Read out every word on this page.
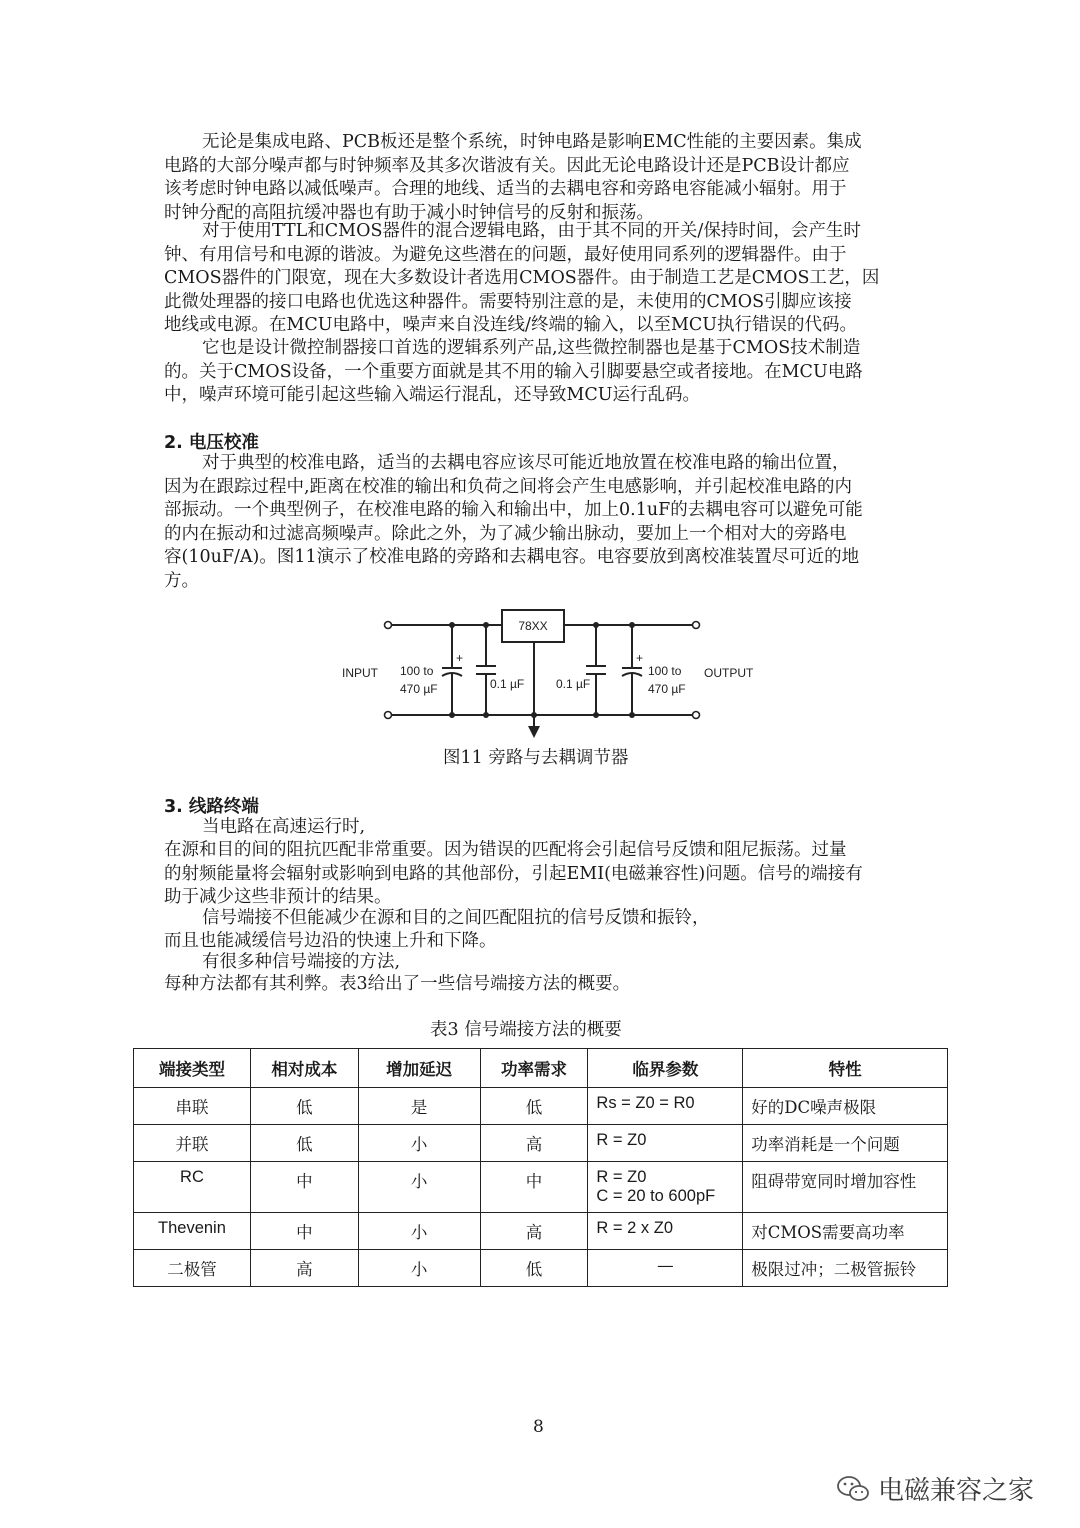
无论是集成电路、PCB板还是整个系统，时钟电路是影响EMC性能的主要因素。集成
电路的大部分噪声都与时钟频率及其多次谐波有关。因此无论电路设计还是PCB设计都应
该考虑时钟电路以减低噪声。合理的地线、适当的去耦电容和旁路电容能减小辐射。用于
时钟分配的高阻抗缓冲器也有助于减小时钟信号的反射和振荡。

对于使用TTL和CMOS器件的混合逻辑电路，由于其不同的开关/保持时间，会产生时
钟、有用信号和电源的谐波。为避免这些潜在的问题，最好使用同系列的逻辑器件。由于
CMOS器件的门限宽，现在大多数设计者选用CMOS器件。由于制造工艺是CMOS工艺，因
此微处理器的接口电路也优选这种器件。需要特别注意的是，未使用的CMOS引脚应该接
地线或电源。在MCU电路中，噪声来自没连线/终端的输入，以至MCU执行错误的代码。

它也是设计微控制器接口首选的逻辑系列产品,这些微控制器也是基于CMOS技术制造
的。关于CMOS设备，一个重要方面就是其不用的输入引脚要悬空或者接地。在MCU电路
中，噪声环境可能引起这些输入端运行混乱，还导致MCU运行乱码。

2. 电压校准

对于典型的校准电路，适当的去耦电容应该尽可能近地放置在校准电路的输出位置，
因为在跟踪过程中,距离在校准的输出和负荷之间将会产生电感影响，并引起校准电路的内
部振动。一个典型例子，在校准电路的输入和输出中，加上0.1uF的去耦电容可以避免可能
的内在振动和过滤高频噪声。除此之外，为了减少输出脉动，要加上一个相对大的旁路电
容(10uF/A)。图11演示了校准电路的旁路和去耦电容。电容要放到离校准装置尽可近的地
方。

78XX
INPUT	OUTPUT
100 to
470 µF
+
0.1 µF	0.1 µF
+
100 to
470 µF

图11 旁路与去耦调节器

3. 线路终端

当电路在高速运行时,

在源和目的间的阻抗匹配非常重要。因为错误的匹配将会引起信号反馈和阻尼振荡。过量
的射频能量将会辐射或影响到电路的其他部份，引起EMI(电磁兼容性)问题。信号的端接有
助于减少这些非预计的结果。

信号端接不但能减少在源和目的之间匹配阻抗的信号反馈和振铃，

而且也能减缓信号边沿的快速上升和下降。

有很多种信号端接的方法,

每种方法都有其利弊。表3给出了一些信号端接方法的概要。

表3 信号端接方法的概要

端接类型	相对成本	增加延迟	功率需求	临界参数	特性
串联	低	是	低	Rs = Z0 = R0	好的DC噪声极限
并联	低	小	高	R = Z0	功率消耗是一个问题
RC	中	小	中	R = Z0
C = 20 to 600pF	阻碍带宽同时增加容性
Thevenin	中	小	高	R = 2 x Z0	对CMOS需要高功率
二极管	高	小	低	—	极限过冲；二极管振铃

8

电磁兼容之家
